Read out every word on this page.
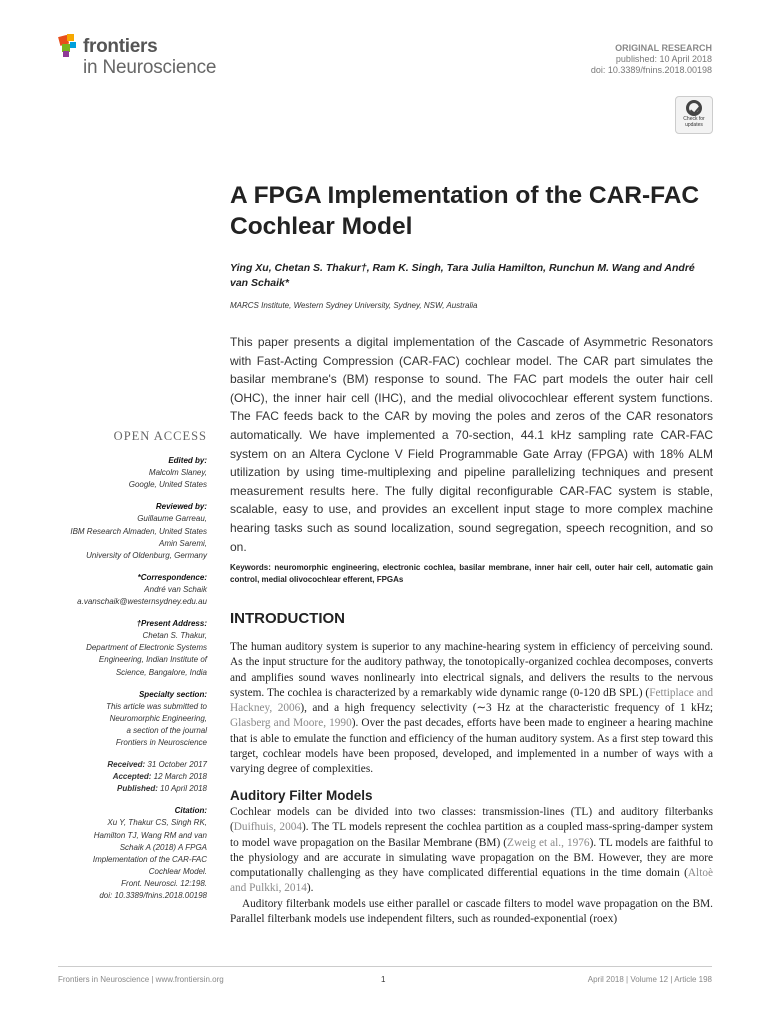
frontiers
in Neuroscience
ORIGINAL RESEARCH
published: 10 April 2018
doi: 10.3389/fnins.2018.00198
Check for
updates
A FPGA Implementation of the CAR-FAC Cochlear Model
Ying Xu, Chetan S. Thakur†, Ram K. Singh, Tara Julia Hamilton, Runchun M. Wang and André van Schaik*
MARCS Institute, Western Sydney University, Sydney, NSW, Australia
This paper presents a digital implementation of the Cascade of Asymmetric Resonators with Fast-Acting Compression (CAR-FAC) cochlear model. The CAR part simulates the basilar membrane's (BM) response to sound. The FAC part models the outer hair cell (OHC), the inner hair cell (IHC), and the medial olivocochlear efferent system functions. The FAC feeds back to the CAR by moving the poles and zeros of the CAR resonators automatically. We have implemented a 70-section, 44.1 kHz sampling rate CAR-FAC system on an Altera Cyclone V Field Programmable Gate Array (FPGA) with 18% ALM utilization by using time-multiplexing and pipeline parallelizing techniques and present measurement results here. The fully digital reconfigurable CAR-FAC system is stable, scalable, easy to use, and provides an excellent input stage to more complex machine hearing tasks such as sound localization, sound segregation, speech recognition, and so on.
Keywords: neuromorphic engineering, electronic cochlea, basilar membrane, inner hair cell, outer hair cell, automatic gain control, medial olivocochlear efferent, FPGAs
OPEN ACCESS
Edited by:
Malcolm Slaney,
Google, United States
Reviewed by:
Guillaume Garreau,
IBM Research Almaden, United States
Amin Saremi,
University of Oldenburg, Germany
*Correspondence:
André van Schaik
a.vanschaik@westernsydney.edu.au
†Present Address:
Chetan S. Thakur,
Department of Electronic Systems
Engineering, Indian Institute of
Science, Bangalore, India
Specialty section:
This article was submitted to
Neuromorphic Engineering,
a section of the journal
Frontiers in Neuroscience
Received: 31 October 2017
Accepted: 12 March 2018
Published: 10 April 2018
Citation:
Xu Y, Thakur CS, Singh RK,
Hamilton TJ, Wang RM and van
Schaik A (2018) A FPGA
Implementation of the CAR-FAC
Cochlear Model.
Front. Neurosci. 12:198.
doi: 10.3389/fnins.2018.00198
INTRODUCTION
The human auditory system is superior to any machine-hearing system in efficiency of perceiving sound. As the input structure for the auditory pathway, the tonotopically-organized cochlea decomposes, converts and amplifies sound waves nonlinearly into electrical signals, and delivers the results to the nervous system. The cochlea is characterized by a remarkably wide dynamic range (0-120 dB SPL) (Fettiplace and Hackney, 2006), and a high frequency selectivity (∼3 Hz at the characteristic frequency of 1 kHz; Glasberg and Moore, 1990). Over the past decades, efforts have been made to engineer a hearing machine that is able to emulate the function and efficiency of the human auditory system. As a first step toward this target, cochlear models have been proposed, developed, and implemented in a number of ways with a varying degree of complexities.
Auditory Filter Models
Cochlear models can be divided into two classes: transmission-lines (TL) and auditory filterbanks (Duifhuis, 2004). The TL models represent the cochlea partition as a coupled mass-spring-damper system to model wave propagation on the Basilar Membrane (BM) (Zweig et al., 1976). TL models are faithful to the physiology and are accurate in simulating wave propagation on the BM. However, they are more computationally challenging as they have complicated differential equations in the time domain (Altoè and Pulkki, 2014).
Auditory filterbank models use either parallel or cascade filters to model wave propagation on the BM. Parallel filterbank models use independent filters, such as rounded-exponential (roex)
Frontiers in Neuroscience | www.frontiersin.org	1	April 2018 | Volume 12 | Article 198
